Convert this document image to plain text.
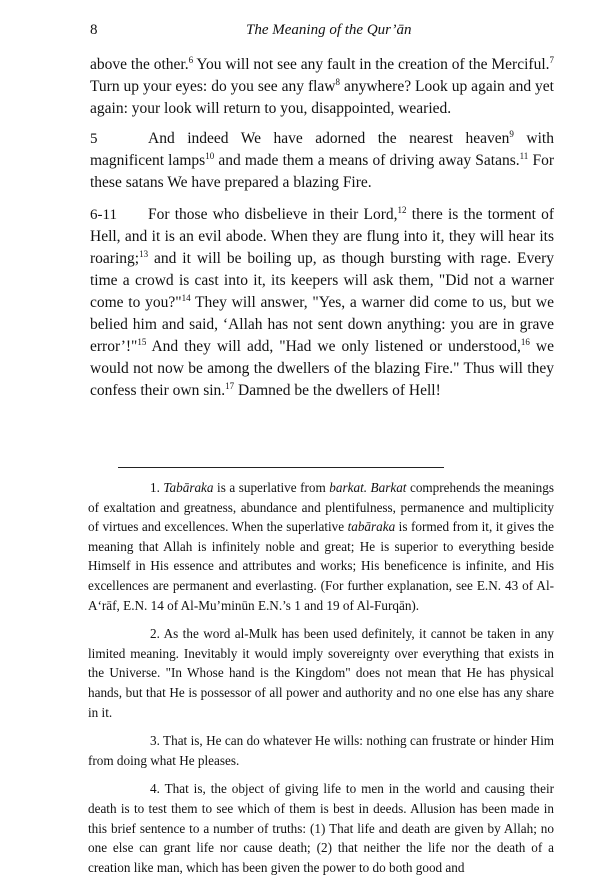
8	The Meaning of the Qur’ān

above the other.$^6$ You will not see any fault in the creation of the Merciful.$^7$ Turn up your eyes: do you see any flaw$^8$ anywhere? Look up again and yet again: your look will return to you, disappointed, wearied.

5	And indeed We have adorned the nearest heaven$^9$ with magnificent lamps$^{10}$ and made them a means of driving away Satans.$^{11}$ For these satans We have prepared a blazing Fire.

6-11 For those who disbelieve in their Lord,$^{12}$ there is the torment of Hell, and it is an evil abode. When they are flung into it, they will hear its roaring;$^{13}$ and it will be boiling up, as though bursting with rage. Every time a crowd is cast into it, its keepers will ask them, "Did not a warner come to you?"$^{14}$ They will answer, "Yes, a warner did come to us, but we belied him and said, ‘Allah has not sent down anything: you are in grave error’!"$^{15}$ And they will add, "Had we only listened or understood,$^{16}$ we would not now be among the dwellers of the blazing Fire." Thus will they confess their own sin.$^{17}$ Damned be the dwellers of Hell!

1. Tabāraka is a superlative from barkat. Barkat comprehends the meanings of exaltation and greatness, abundance and plentifulness, permanence and multiplicity of virtues and excellences. When the superlative tabāraka is formed from it, it gives the meaning that Allah is infinitely noble and great; He is superior to everything beside Himself in His essence and attributes and works; His beneficence is infinite, and His excellences are permanent and everlasting. (For further explanation, see E.N. 43 of Al-A‘rāf, E.N. 14 of Al-Mu’minūn E.N.’s 1 and 19 of Al-Furqān).

2. As the word al-Mulk has been used definitely, it cannot be taken in any limited meaning. Inevitably it would imply sovereignty over everything that exists in the Universe. "In Whose hand is the Kingdom" does not mean that He has physical hands, but that He is possessor of all power and authority and no one else has any share in it.

3. That is, He can do whatever He wills: nothing can frustrate or hinder Him from doing what He pleases.

4. That is, the object of giving life to men in the world and causing their death is to test them to see which of them is best in deeds. Allusion has been made in this brief sentence to a number of truths: (1) That life and death are given by Allah; no one else can grant life nor cause death; (2) that neither the life nor the death of a creation like man, which has been given the power to do both good and
